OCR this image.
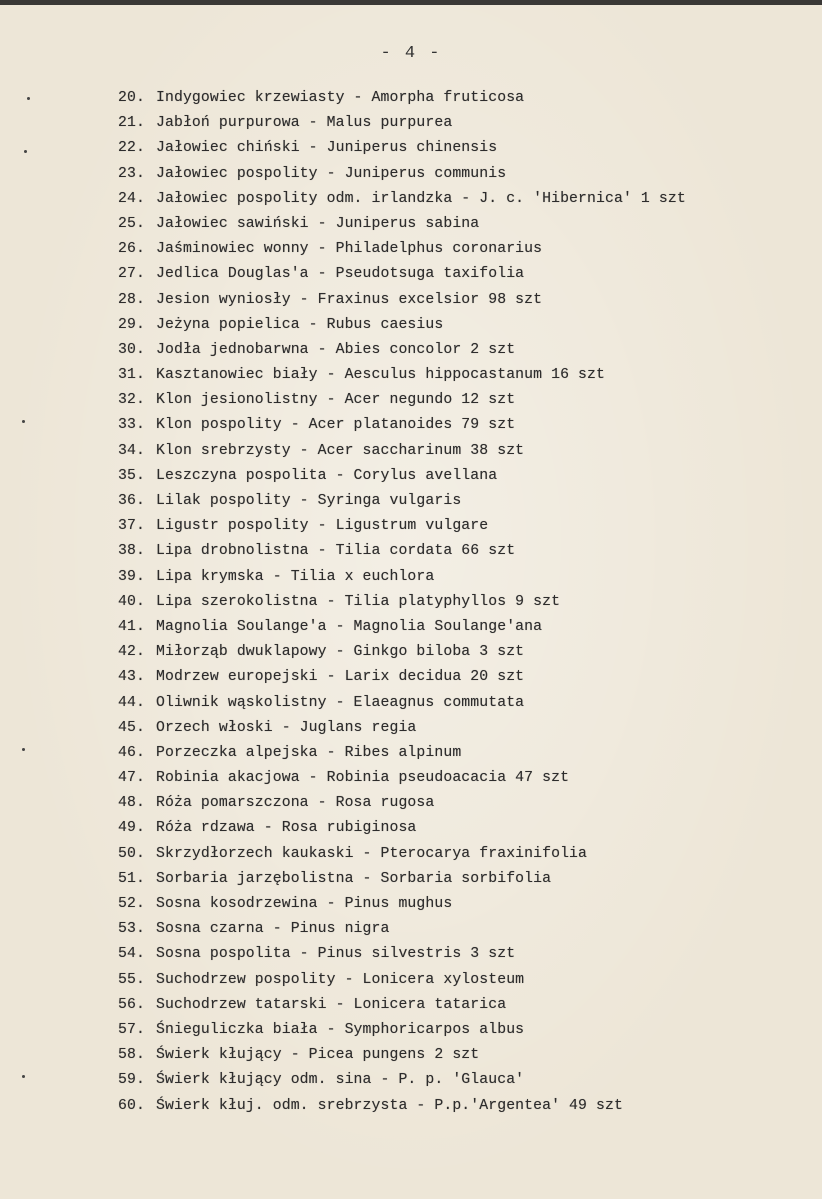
- 4 -
20. Indygowiec krzewiasty - Amorpha fruticosa
21. Jabłoń purpurowa - Malus purpurea
22. Jałowiec chiński - Juniperus chinensis
23. Jałowiec pospolity - Juniperus communis
24. Jałowiec pospolity odm. irlandzka - J. c. 'Hibernica' 1 szt
25. Jałowiec sawiński - Juniperus sabina
26. Jaśminowiec wonny - Philadelphus coronarius
27. Jedlica Douglas'a - Pseudotsuga taxifolia
28. Jesion wyniosły - Fraxinus excelsior 98 szt
29. Jeżyna popielica - Rubus caesius
30. Jodła jednobarwna - Abies concolor 2 szt
31. Kasztanowiec biały - Aesculus hippocastanum 16 szt
32. Klon jesionolistny - Acer negundo 12 szt
33. Klon pospolity - Acer platanoides 79 szt
34. Klon srebrzysty - Acer saccharinum 38 szt
35. Leszczyna pospolita - Corylus avellana
36. Lilak pospolity - Syringa vulgaris
37. Ligustr pospolity - Ligustrum vulgare
38. Lipa drobnolistna - Tilia cordata 66 szt
39. Lipa krymska - Tilia x euchlora
40. Lipa szerokolistna - Tilia platyphyllos 9 szt
41. Magnolia Soulange'a - Magnolia Soulange'ana
42. Miłorząb dwuklapowy - Ginkgo biloba 3 szt
43. Modrzew europejski - Larix decidua 20 szt
44. Oliwnik wąskolistny - Elaeagnus commutata
45. Orzech włoski - Juglans regia
46. Porzeczka alpejska - Ribes alpinum
47. Robinia akacjowa - Robinia pseudoacacia 47 szt
48. Róża pomarszczona - Rosa rugosa
49. Róża rdzawa - Rosa rubiginosa
50. Skrzydłorzech kaukaski - Pterocarya fraxinifolia
51. Sorbaria jarzębolistna - Sorbaria sorbifolia
52. Sosna kosodrzewina - Pinus mughus
53. Sosna czarna - Pinus nigra
54. Sosna pospolita - Pinus silvestris 3 szt
55. Suchodrzew pospolity - Lonicera xylosteum
56. Suchodrzew tatarski - Lonicera tatarica
57. Śnieguliczka biała - Symphoricarpos albus
58. Świerk kłujący - Picea pungens 2 szt
59. Świerk kłujący odm. sina - P. p. 'Glauca'
60. Świerk kłuj. odm. srebrzysta - P.p.'Argentea' 49 szt
